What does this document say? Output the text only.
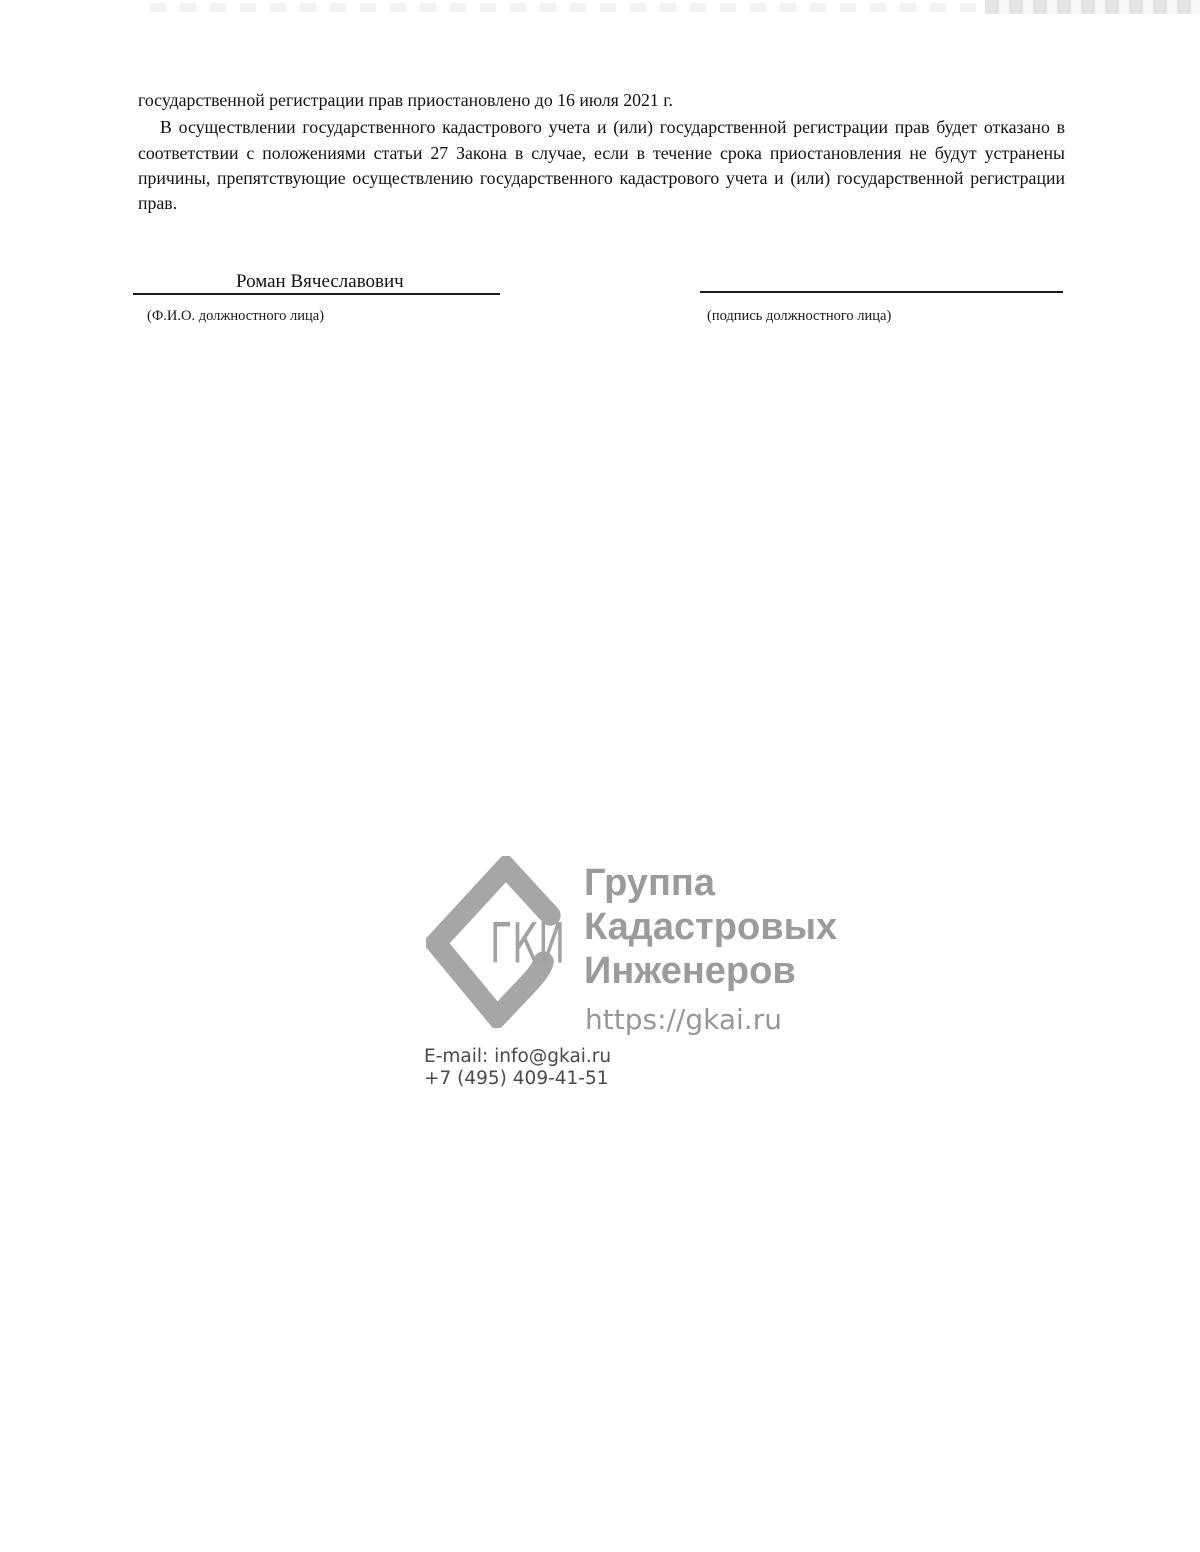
государственной регистрации прав приостановлено до 16 июля 2021 г.

В осуществлении государственного кадастрового учета и (или) государственной регистрации прав будет отказано в соответствии с положениями статьи 27 Закона в случае, если в течение срока приостановления не будут устранены причины, препятствующие осуществлению государственного кадастрового учета и (или) государственной регистрации прав.

Роман Вячеславович
(Ф.И.О. должностного лица)	(подпись должностного лица)
ГКИ
Группа
Кадастровых
Инженеров
https://gkai.ru
E-mail: info@gkai.ru
+7 (495) 409-41-51
